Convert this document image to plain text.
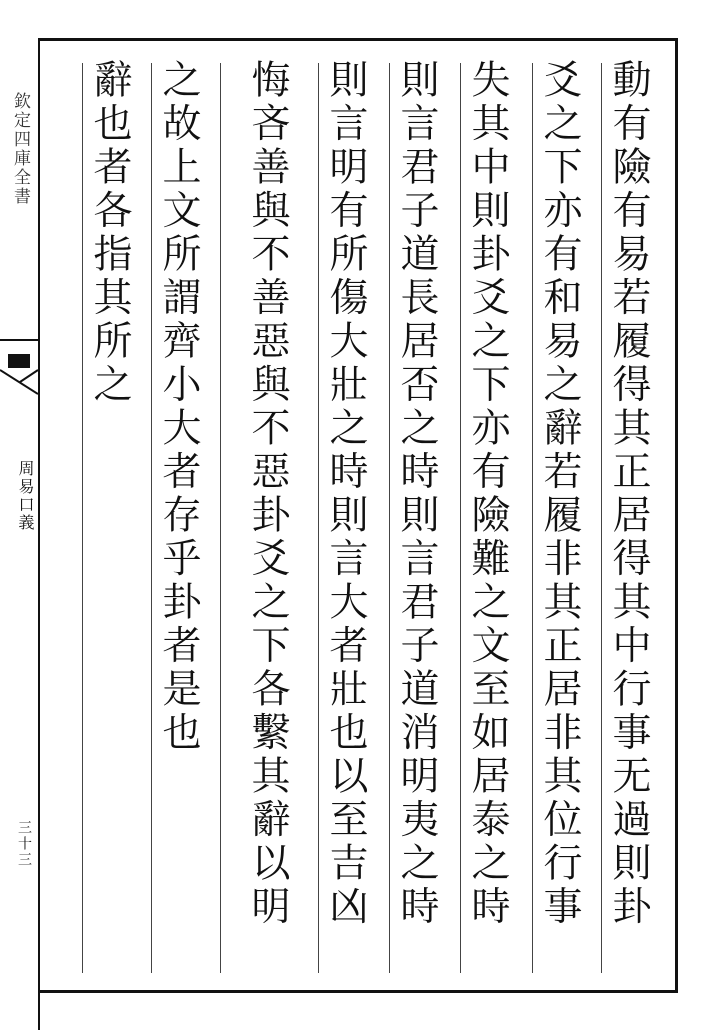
欽定四庫全書
周易口義
三十三	動有險有易若履得其正居得其中行事无過則卦
爻之下亦有和易之辭若履非其正居非其位行事
失其中則卦爻之下亦有險難之文至如居泰之時
則言君子道長居否之時則言君子道消明夷之時
則言明有所傷大壯之時則言大者壯也以至吉凶
悔吝善與不善惡與不惡卦爻之下各繫其辭以明
之故上文所謂齊小大者存乎卦者是也
辭也者各指其所之
